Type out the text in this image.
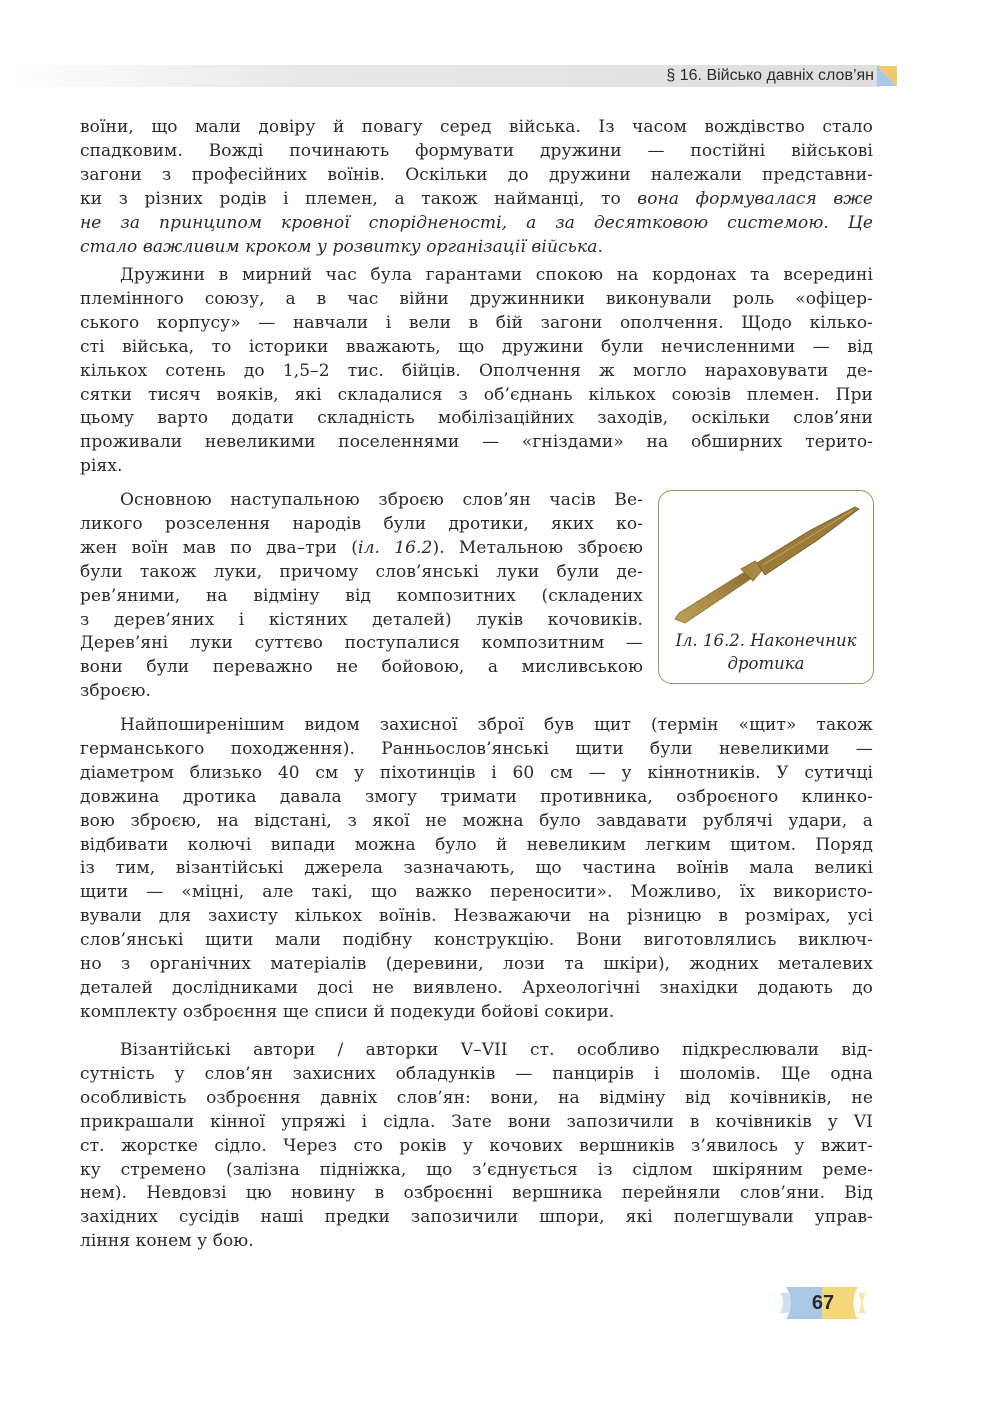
§ 16. Військо давніх слов’ян
воїни, що мали довіру й повагу серед війська. Із часом вождівство стало
спадковим. Вожді починають формувати дружини — постійні військові
загони з професійних воїнів. Оскільки до дружини належали представни-
ки з різних родів і племен, а також найманці, то вона формувалася вже
не за принципом кровної спорідненості, а за десятковою системою. Це
стало важливим кроком у розвитку організації війська.
Дружини в мирний час була гарантами спокою на кордонах та всередині
племінного союзу, а в час війни дружинники виконували роль «офіцер-
ського корпусу» — навчали і вели в бій загони ополчення. Щодо кілько-
сті війська, то історики вважають, що дружини були нечисленними — від
кількох сотень до 1,5–2 тис. бійців. Ополчення ж могло нараховувати де-
сятки тисяч вояків, які складалися з об’єднань кількох союзів племен. При
цьому варто додати складність мобілізаційних заходів, оскільки слов’яни
проживали невеликими поселеннями — «гніздами» на обширних терито-
ріях.
Основною наступальною зброєю слов’ян часів Ве-
ликого розселення народів були дротики, яких ко-
жен воїн мав по два–три (іл. 16.2). Метальною зброєю
були також луки, причому слов’янські луки були де-
рев’яними, на відміну від композитних (складених
з дерев’яних і кістяних деталей) луків кочовиків.
Дерев’яні луки суттєво поступалися композитним —
вони були переважно не бойовою, а мисливською
зброєю.
Іл. 16.2. Наконечник
дротика
Найпоширенішим видом захисної зброї був щит (термін «щит» також
германського походження). Ранньослов’янські щити були невеликими —
діаметром близько 40 см у піхотинців і 60 см — у кіннотників. У сутичці
довжина дротика давала змогу тримати противника, озброєного клинко-
вою зброєю, на відстані, з якої не можна було завдавати рублячі удари, а
відбивати колючі випади можна було й невеликим легким щитом. Поряд
із тим, візантійські джерела зазначають, що частина воїнів мала великі
щити — «міцні, але такі, що важко переносити». Можливо, їх використо-
вували для захисту кількох воїнів. Незважаючи на різницю в розмірах, усі
слов’янські щити мали подібну конструкцію. Вони виготовлялись виключ-
но з органічних матеріалів (деревини, лози та шкіри), жодних металевих
деталей дослідниками досі не виявлено. Археологічні знахідки додають до
комплекту озброєння ще списи й подекуди бойові сокири.
Візантійські автори / авторки V–VII ст. особливо підкреслювали від-
сутність у слов’ян захисних обладунків — панцирів і шоломів. Ще одна
особливість озброєння давніх слов’ян: вони, на відміну від кочівників, не
прикрашали кінної упряжі і сідла. Зате вони запозичили в кочівників у VI
ст. жорстке сідло. Через сто років у кочових вершників з’явилось у вжит-
ку стремено (залізна підніжка, що з’єднується із сідлом шкіряним реме-
нем). Невдовзі цю новину в озброєнні вершника перейняли слов’яни. Від
західних сусідів наші предки запозичили шпори, які полегшували управ-
ління конем у бою.
67
